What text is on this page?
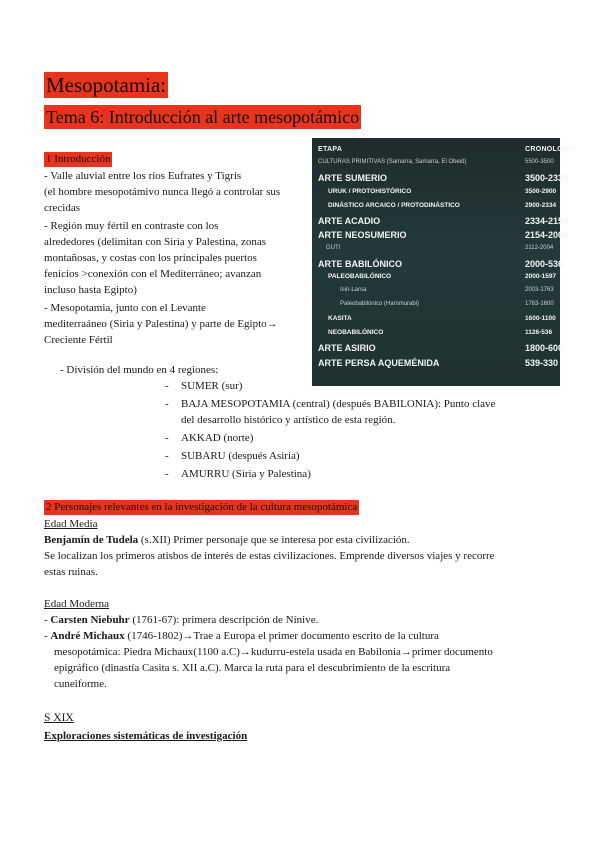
Mesopotamia:
Tema 6: Introducción al arte mesopotámico
1 Introducción
- Valle aluvial entre los ríos Eufrates y Tigris
(el hombre mesopotámivo nunca llegó a controlar sus
crecidas
- Región muy fértil en contraste con los
alrededores (delimitan con Siria y Palestina, zonas
montañosas, y costas con los principales puertos
fenicios >conexión con el Mediterráneo; avanzan
incluso hasta Egipto)
- Mesopotamia, junto con el Levante
mediterraáneo (Siria y Palestina) y parte de Egipto→
Creciente Fértil
- División del mundo en 4 regiones:
- SUMER (sur)
- BAJA MESOPOTAMIA (central) (después BABILONIA): Punto clave
del desarrollo histórico y artístico de esta región.
- AKKAD (norte)
- SUBARU (después Asiria)
- AMURRU (Siria y Palestina)
ETAPA	CRONOLOGÍA
CULTURAS PRIMITIVAS (Samarra, Samarra, El Obeid)	5500-3500
ARTE SUMERIO	3500-2334
URUK / PROTOHISTÓRICO	3500-2900
DINÁSTICO ARCAICO / PROTODINÁSTICO	2900-2334
ARTE ACADIO	2334-2154
ARTE NEOSUMERIO	2154-2004
GUTI	2112-2004
ARTE BABILÓNICO	2000-536
PALEOBABILÓNICO	2000-1597
Isin-Larsa	2003-1763
Paleobabilónico (Hammurabi)	1763-1600
KASITA	1600-1100
NEOBABILÓNICO	1126-536
ARTE ASIRIO	1800-600
ARTE PERSA AQUEMÉNIDA	539-330
2 Personajes relevantes en la investigación de la cultura mesopotámica
Edad Media
Benjamín de Tudela (s.XII) Primer personaje que se interesa por esta civilización.
Se localizan los primeros atisbos de interés de estas civilizaciones. Emprende diversos viajes y recorre
estas ruinas.
Edad Moderna
- Carsten Niebuhr (1761-67): primera descripción de Nínive.
- André Michaux (1746-1802)→Trae a Europa el primer documento escrito de la cultura
mesopotámica: Piedra Michaux(1100 a.C)→kudurru-estela usada en Babilonia→primer documento
epigráfico (dinastía Casita s. XII a.C). Marca la ruta para el descubrimiento de la escritura
cuneiforme.
S XIX
Exploraciones sistemáticas de investigación
